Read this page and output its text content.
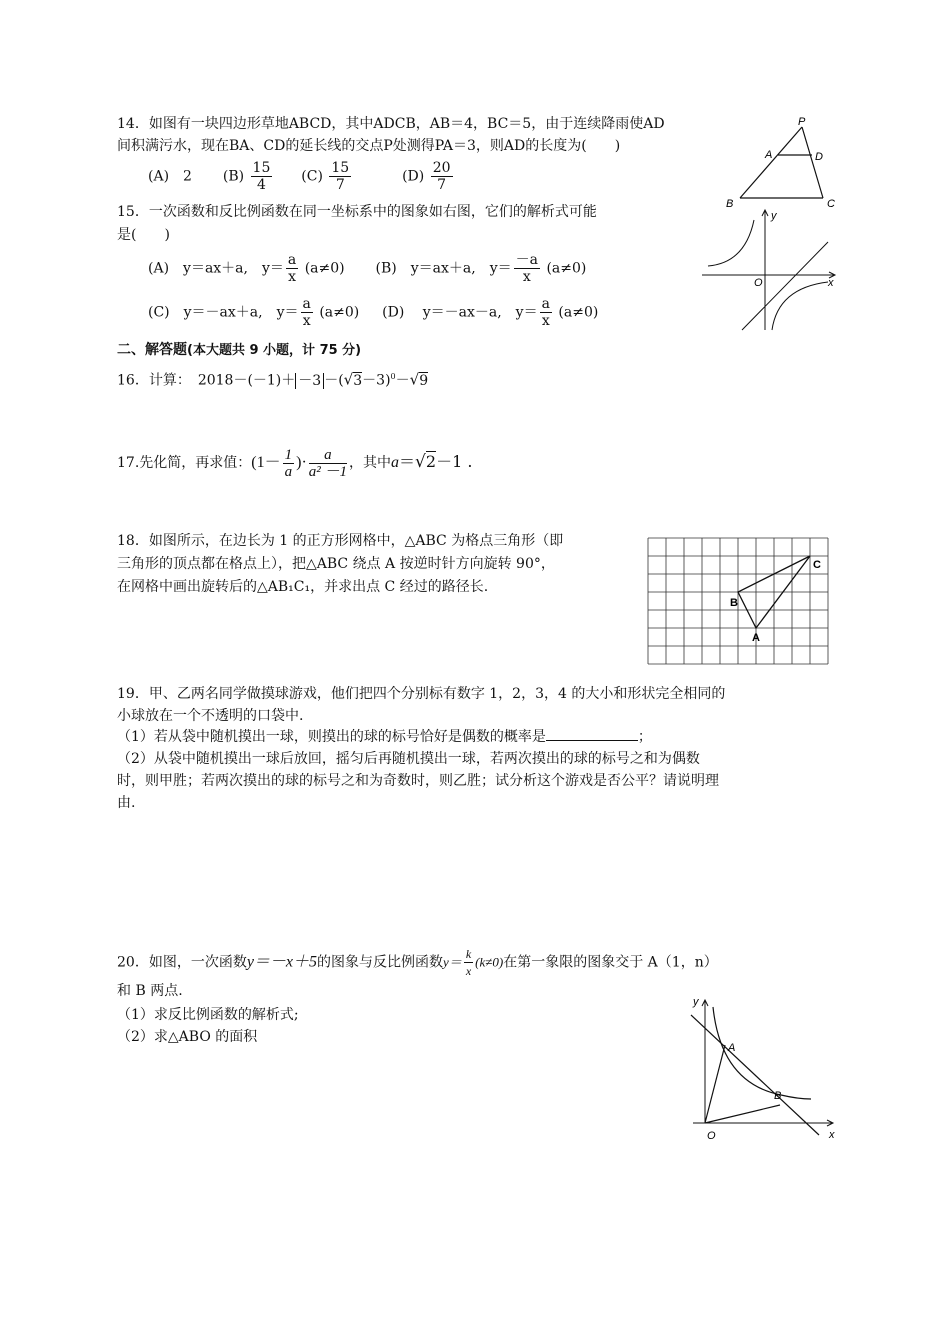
14．如图有一块四边形草地ABCD，其中ADCB，AB＝4，BC＝5，由于连续降雨使AD
间积满污水，现在BA、CD的延长线的交点P处测得PA＝3，则AD的长度为(　　)
(A)　2 $(B) \frac{15}{4} (C) \frac{15}{7}$	$(D) \frac{20}{7}$
P
A	D
B	C
15．一次函数和反比例函数在同一坐标系中的图象如右图，它们的解析式可能
是(　　)
(A)　y＝ax＋a,　$y= \frac{a}{x} (a\ne 0)$ (B)　y＝ax＋a,　$y= \frac{-a}{x} (a\ne 0)$
(C)　y＝－ax＋a,　$y= \frac{a}{x} (a\ne 0)$ (D)　 y＝－ax－a,　$y= \frac{a}{x} (a\ne 0)$
y
O	x
二、解答题(本大题共 9 小题，计 75 分)
16．计算：　$2018-(-1)+ -3 -(√3-3)^0-√9$
17.先化简，再求值：($1- \frac{1}{a}$ )· $\frac{a}{\text{a² －1}}$ ，其中a＝√2－1 .
18．如图所示，在边长为 1 的正方形网格中，△ABC 为格点三角形（即
三角形的顶点都在格点上），把△ABC 绕点 A 按逆时针方向旋转 90°，
在网格中画出旋转后的△AB₁C₁，并求出点 C 经过的路径长.
A
B
C
19．甲、乙两名同学做摸球游戏，他们把四个分别标有数字 1，2，3，4 的大小和形状完全相同的
小球放在一个不透明的口袋中.
（1）若从袋中随机摸出一球，则摸出的球的标号恰好是偶数的概率是	；
（2）从袋中随机摸出一球后放回，摇匀后再随机摸出一球，若两次摸出的球的标号之和为偶数
时，则甲胜；若两次摸出的球的标号之和为奇数时，则乙胜；试分析这个游戏是否公平？请说明理
由.
20．如图，一次函数y＝－x＋5的图象与反比例函数$y= \frac{k}{x} (k\ne 0)$在第一象限的图象交于 A（1，n）
和 B 两点.
（1）求反比例函数的解析式;
（2）求△ABO 的面积
y
A
B
O	x
